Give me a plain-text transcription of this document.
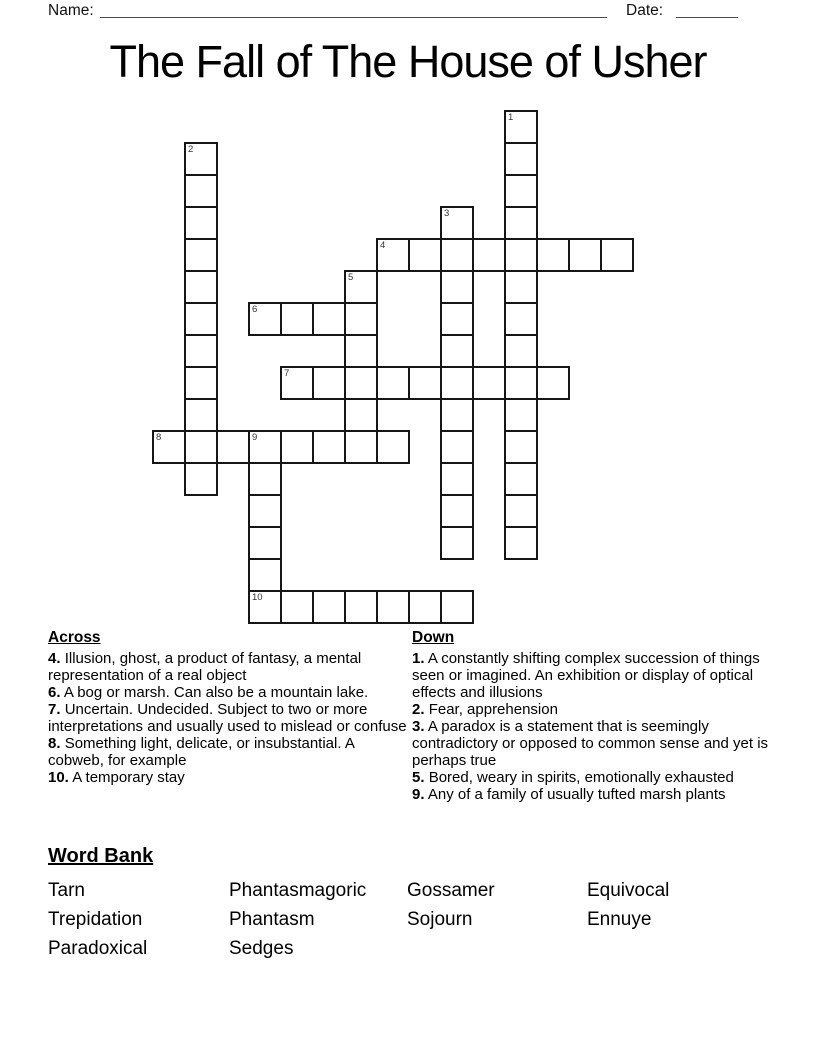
Name:	Date:
The Fall of The House of Usher
1
2
3
4
5
6
7
8	9
10
Across
4. Illusion, ghost, a product of fantasy, a mental representation of a real object
6. A bog or marsh. Can also be a mountain lake.
7. Uncertain. Undecided. Subject to two or more interpretations and usually used to mislead or confuse
8. Something light, delicate, or insubstantial. A cobweb, for example
10. A temporary stay
Down
1. A constantly shifting complex succession of things seen or imagined. An exhibition or display of optical effects and illusions
2. Fear, apprehension
3. A paradox is a statement that is seemingly contradictory or opposed to common sense and yet is perhaps true
5. Bored, weary in spirits, emotionally exhausted
9. Any of a family of usually tufted marsh plants
Word Bank
Tarn	Phantasmagoric	Gossamer	Equivocal
Trepidation	Phantasm	Sojourn	Ennuye
Paradoxical	Sedges
